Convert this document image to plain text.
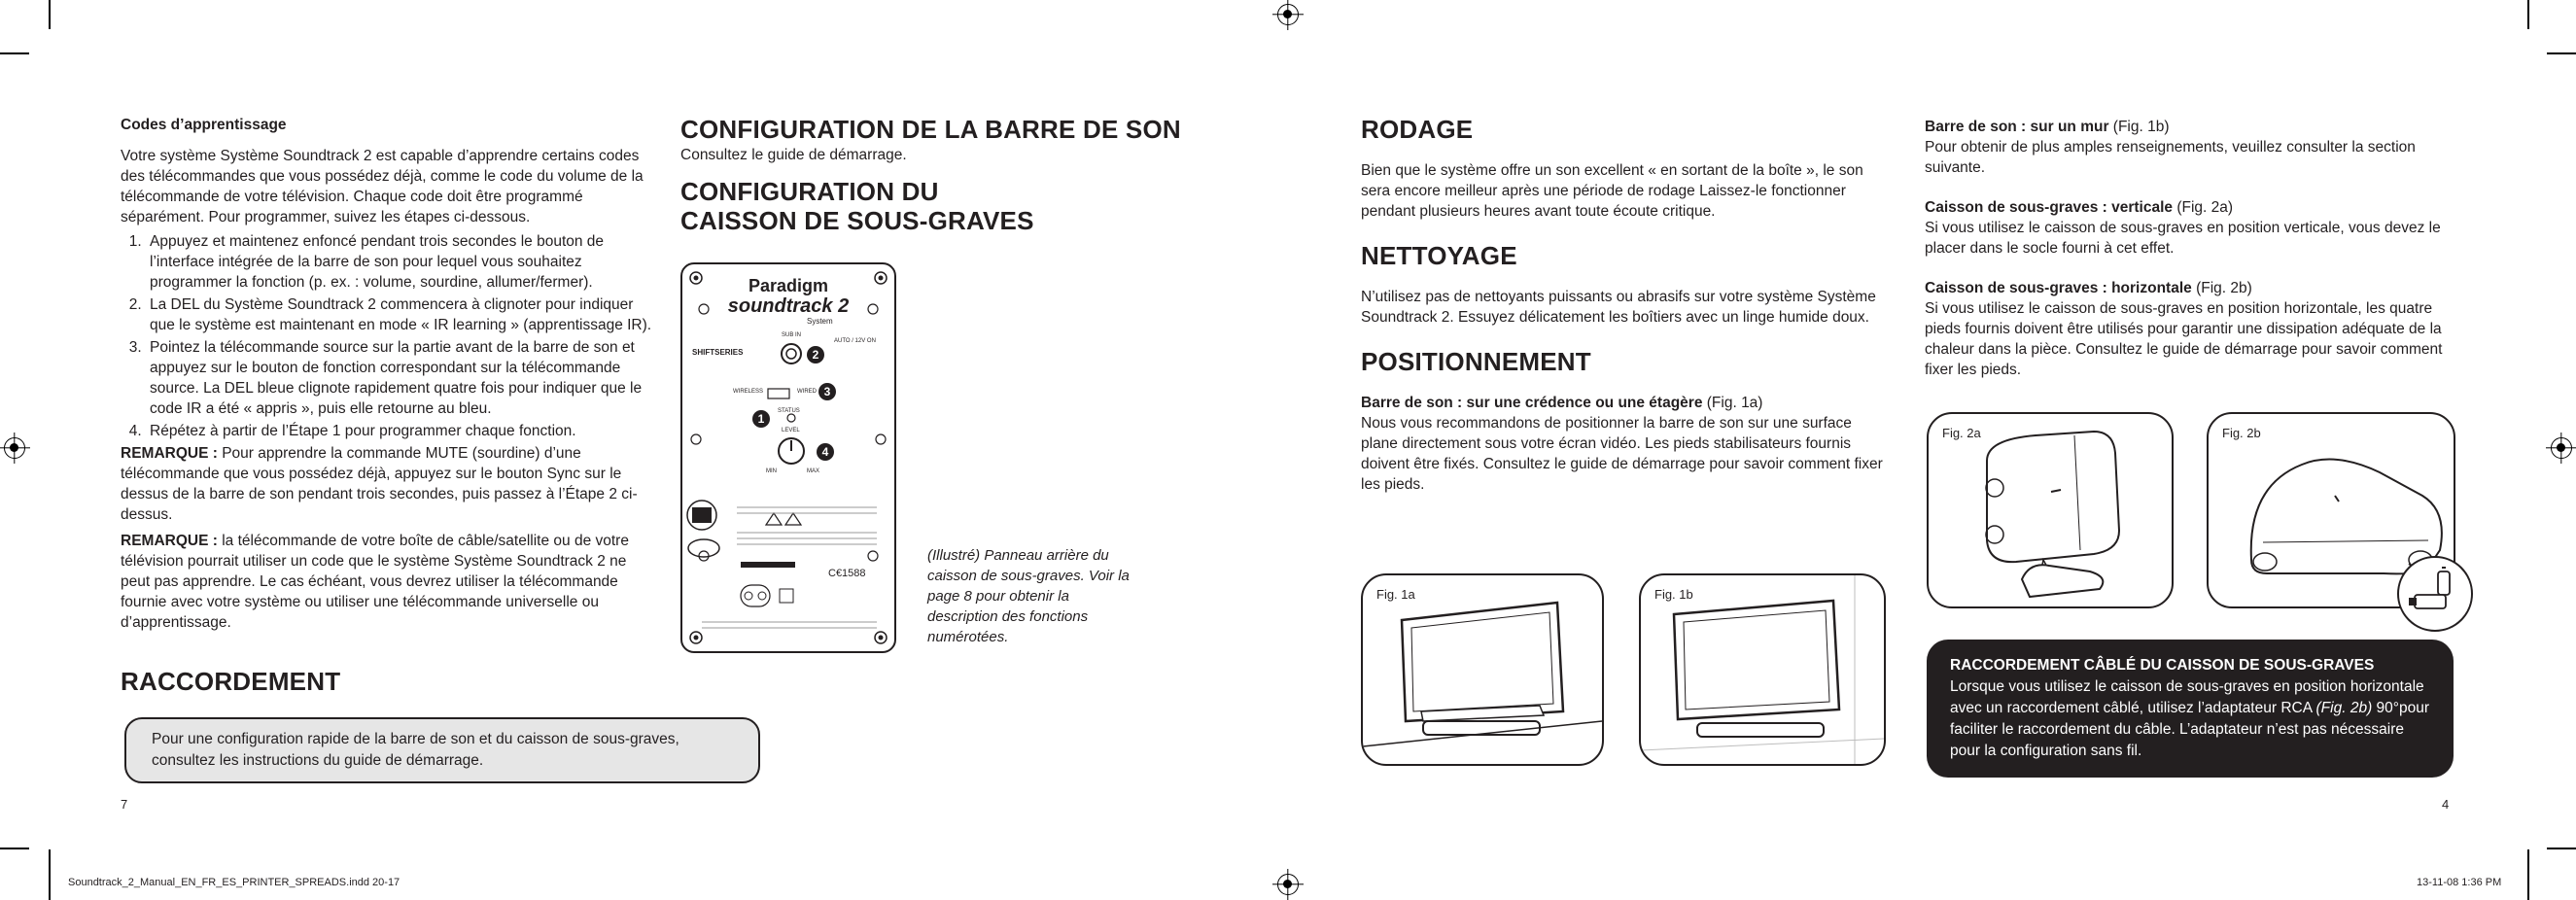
Codes d’apprentissage

Votre système Système Soundtrack 2 est capable d’apprendre certains codes des télécommandes que vous possédez déjà, comme le code du volume de la télécommande de votre télévision. Chaque code doit être programmé séparément. Pour programmer, suivez les étapes ci-dessous.

1. Appuyez et maintenez enfoncé pendant trois secondes le bouton de l’interface intégrée de la barre de son pour lequel vous souhaitez programmer la fonction (p. ex. : volume, sourdine, allumer/fermer).
2. La DEL du Système Soundtrack 2 commencera à clignoter pour indiquer que le système est maintenant en mode « IR learning » (apprentissage IR).
3. Pointez la télécommande source sur la partie avant de la barre de son et appuyez sur le bouton de fonction correspondant sur la télécommande source. La DEL bleue clignote rapidement quatre fois pour indiquer que le code IR a été « appris », puis elle retourne au bleu.
4. Répétez à partir de l’Étape 1 pour programmer chaque fonction.

REMARQUE : Pour apprendre la commande MUTE (sourdine) d’une télécommande que vous possédez déjà, appuyez sur le bouton Sync sur le dessus de la barre de son pendant trois secondes, puis passez à l’Étape 2 ci-dessus.

REMARQUE : la télécommande de votre boîte de câble/satellite ou de votre télévision pourrait utiliser un code que le système Système Soundtrack 2 ne peut pas apprendre. Le cas échéant, vous devrez utiliser la télécommande fournie avec votre système ou utiliser une télécommande universelle ou d’apprentissage.

RACCORDEMENT
Pour une configuration rapide de la barre de son et du caisson de sous-graves, consultez les instructions du guide de démarrage.
7
CONFIGURATION DE LA BARRE DE SON
Consultez le guide de démarrage.
CONFIGURATION DU
CAISSON DE SOUS-GRAVES
Paradigm
soundtrack 2
System
SHIFTSERIES
SUB IN
AUTO / 12V ON
WIRELESS	WIRED
STATUS
LEVEL
MIN	MAX
C€1588
2
3
1
4
(Illustré) Panneau arrière du caisson de sous-graves. Voir la page 8 pour obtenir la description des fonctions numérotées.
RODAGE

Bien que le système offre un son excellent « en sortant de la boîte », le son sera encore meilleur après une période de rodage Laissez-le fonctionner pendant plusieurs heures avant toute écoute critique.

NETTOYAGE

N’utilisez pas de nettoyants puissants ou abrasifs sur votre système Système Soundtrack 2. Essuyez délicatement les boîtiers avec un linge humide doux.

POSITIONNEMENT

Barre de son : sur une crédence ou une étagère (Fig. 1a)
Nous vous recommandons de positionner la barre de son sur une surface plane directement sous votre écran vidéo. Les pieds stabilisateurs fournis doivent être fixés. Consultez le guide de démarrage pour savoir comment fixer les pieds.

Fig. 1a	Fig. 1b

Barre de son : sur un mur (Fig. 1b)
Pour obtenir de plus amples renseignements, veuillez consulter la section suivante.

Caisson de sous-graves : verticale (Fig. 2a)
Si vous utilisez le caisson de sous-graves en position verticale, vous devez le placer dans le socle fourni à cet effet.

Caisson de sous-graves : horizontale (Fig. 2b)
Si vous utilisez le caisson de sous-graves en position horizontale, les quatre pieds fournis doivent être utilisés pour garantir une dissipation adéquate de la chaleur dans la pièce. Consultez le guide de démarrage pour savoir comment fixer les pieds.

Fig. 2a	Fig. 2b
RACCORDEMENT CÂBLÉ DU CAISSON DE SOUS-GRAVES
Lorsque vous utilisez le caisson de sous-graves en position horizontale avec un raccordement câblé, utilisez l’adaptateur RCA (Fig. 2b) 90°pour faciliter le raccordement du câble. L’adaptateur n’est pas nécessaire pour la configuration sans fil.
4
Soundtrack_2_Manual_EN_FR_ES_PRINTER_SPREADS.indd 20-17	13-11-08 1:36 PM
